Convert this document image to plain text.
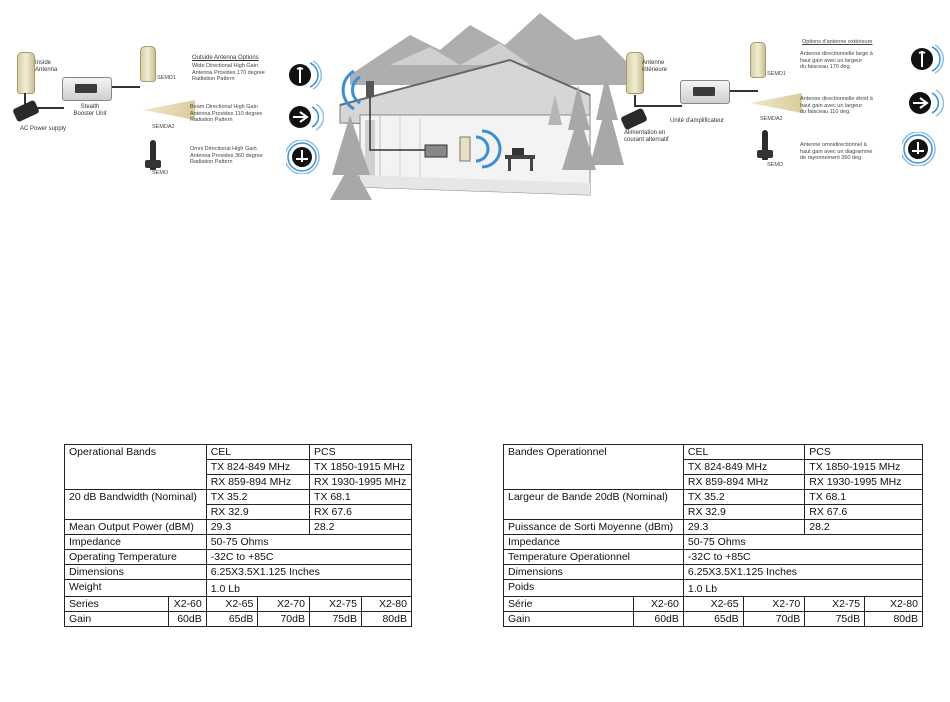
Inside
Antenna
Stealth
Booster Unit
AC Power supply
Outside Antenna Options
SEMD1
Wide Directional High Gain
Antenna Provides 170 degree
Radiation Pattern
SEMDA2
Beam Directional High Gain
Antenna Provides 110 degree
Radiation Pattern
SEMO
Omni Directional High Gain
Antenna Provides 360 degree
Radiation Pattern
Antenne
intérieure
Unité d'amplificateur
Alimentation en
courant alternatif
Options d'antenne extérieure
SEMD1
Antenne directionnelle large à
haut gain avec un largeur
du faisceau 170 deg.
SEMDA2
Antenne directionnelle étroit à
haut gain avec un largeur
du faisceau 110 deg.
SEMO
Antenne omnidirectionnel à
haut gain avec un diagramme
de rayonnement 360 deg.
Operational Bands		CEL		PCS	
		TX 824-849 MHz		TX 1850-1915 MHz	
		RX 859-894 MHz		RX 1930-1995 MHz	
20 dB Bandwidth (Nominal)		TX 35.2		TX 68.1	
		RX 32.9		RX 67.6	
Mean Output Power (dBM)		29.3		28.2	
Impedance		50-75 Ohms			
Operating Temperature		-32C to +85C			
Dimensions		6.25X3.5X1.125 Inches			
Weight		1.0 Lb			
Series	X2-60	X2-65	X2-70	X2-75	X2-80
Gain	60dB	65dB	70dB	75dB	80dB
Bandes Operationnel		CEL		PCS	
		TX 824-849 MHz		TX 1850-1915 MHz	
		RX 859-894 MHz		RX 1930-1995 MHz	
Largeur de Bande 20dB (Nominal)		TX 35.2		TX 68.1	
		RX 32.9		RX 67.6	
Puissance de Sorti Moyenne (dBm)		29.3		28.2	
Impedance		50-75 Ohms			
Temperature Operationnel		-32C to +85C			
Dimensions		6.25X3.5X1.125 Inches			
Poids		1.0 Lb			
Série	X2-60	X2-65	X2-70	X2-75	X2-80
Gain	60dB	65dB	70dB	75dB	80dB
